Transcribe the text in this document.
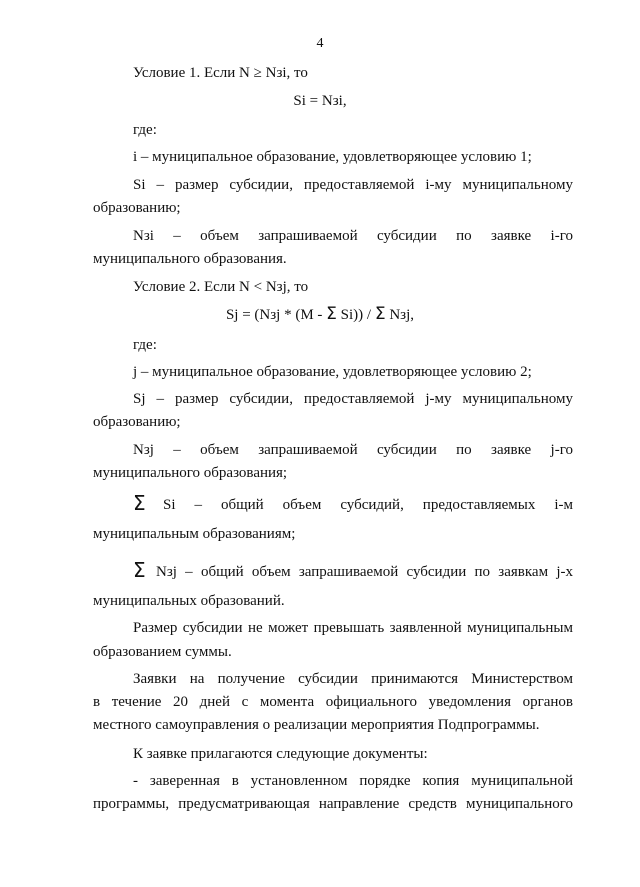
4
Условие 1. Если N ≥ Nзi, то
Si = Nзi,
где:
i – муниципальное образование, удовлетворяющее условию 1;
Si – размер субсидии, предоставляемой i-му муниципальному
образованию;
Nзi – объем запрашиваемой субсидии по заявке i-го
муниципального образования.
Условие 2. Если N < Nзj, то
Sj = (Nзj * (M - Σ Si)) / Σ Nзj,
где:
j – муниципальное образование, удовлетворяющее условию 2;
Sj – размер субсидии, предоставляемой j-му муниципальному
образованию;
Nзj – объем запрашиваемой субсидии по заявке j-го
муниципального образования;
Σ	Si – общий объем субсидий, предоставляемых i-м
муниципальным образованиям;
Σ Nзj – общий объем запрашиваемой субсидии по заявкам j-х
муниципальных образований.
Размер субсидии не может превышать заявленной муниципальным
образованием суммы.
Заявки на получение субсидии принимаются Министерством
в течение 20 дней с момента официального уведомления органов
местного самоуправления о реализации мероприятия Подпрограммы.
К заявке прилагаются следующие документы:
- заверенная в установленном порядке копия муниципальной
программы, предусматривающая направление средств муниципального
